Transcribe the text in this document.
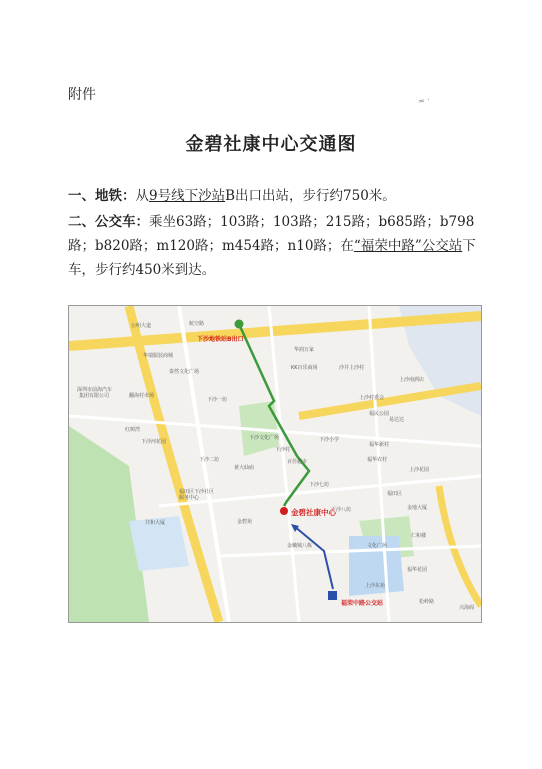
附件	≈ ·
金碧社康中心交通图
一、地铁：从9号线下沙站B出口出站，步行约750米。
二、公交车：乘坐63路；103路；103路；215路；b685路；b798路；b820路；m120路；m454路；n10路；在“福荣中路”公交站下车，步行约450米到达。
公明大道	航空路
华瑞服装商城
泰然文化广场
深圳市前海汽车
集团有限公司	翻海村市场
下沙一坊
红树湾
下沙河花园
华润万家
KK百乐商场	沙井上沙村
上沙村委会
上沙南酒店
福民公园
易达达
下沙小学
福华新村
福华农村
上沙花园
下沙文化广场
下沙村
百佳超市
黄大仙庙
下沙二坊
下沙七坊
下沙八坊
福田区
金地大厦
福田区下沙社区
服务中心
金碧苑
共和大厦
金曦城八栋	文化广场
仁和楼
福华花园
上沙东苑
松岭路
兴海阁
下沙地铁站B出口
金碧社康中心
福荣中路公交站
